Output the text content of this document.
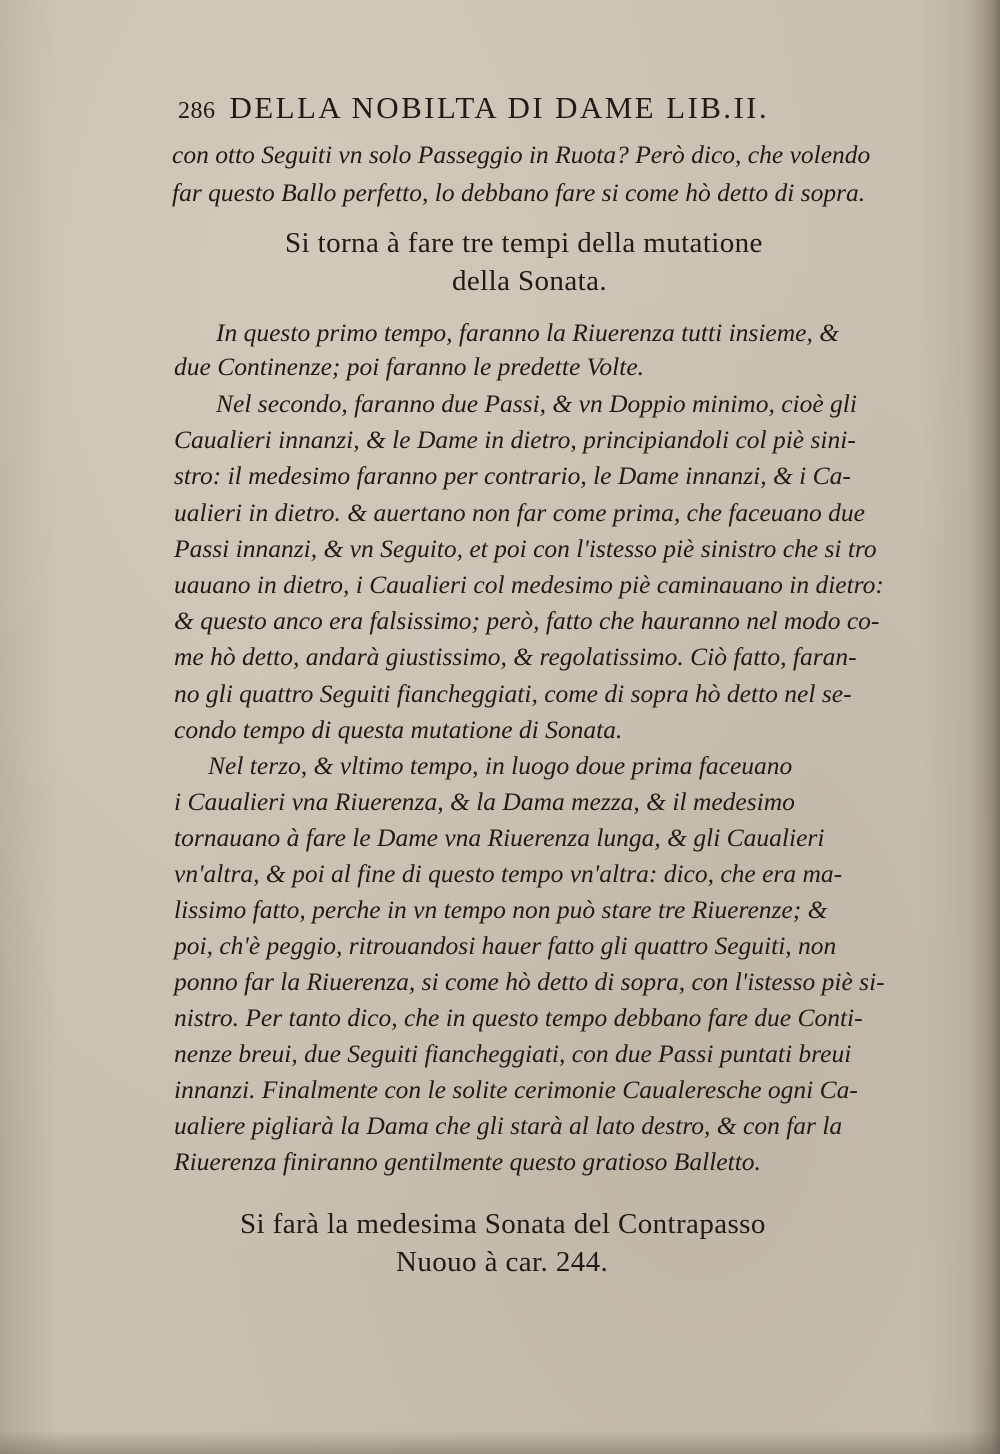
286 DELLA NOBILTA DI DAME LIB.II.
con otto Seguiti vn solo Passeggio in Ruota? Però dico, che volendo
far questo Ballo perfetto, lo debbano fare si come hò detto di sopra.
Si torna à fare tre tempi della mutatione
della Sonata.
In questo primo tempo, faranno la Riuerenza tutti insieme, &
due Continenze; poi faranno le predette Volte.
Nel secondo, faranno due Passi, & vn Doppio minimo, cioè gli
Caualieri innanzi, & le Dame in dietro, principiandoli col piè sini-
stro: il medesimo faranno per contrario, le Dame innanzi, & i Ca-
ualieri in dietro. & auertano non far come prima, che faceuano due
Passi innanzi, & vn Seguito, et poi con l'istesso piè sinistro che si tro
uauano in dietro, i Caualieri col medesimo piè caminauano in dietro:
& questo anco era falsissimo; però, fatto che hauranno nel modo co-
me hò detto, andarà giustissimo, & regolatissimo. Ciò fatto, faran-
no gli quattro Seguiti fiancheggiati, come di sopra hò detto nel se-
condo tempo di questa mutatione di Sonata.
Nel terzo, & vltimo tempo, in luogo doue prima faceuano
i Caualieri vna Riuerenza, & la Dama mezza, & il medesimo
tornauano à fare le Dame vna Riuerenza lunga, & gli Caualieri
vn'altra, & poi al fine di questo tempo vn'altra: dico, che era ma-
lissimo fatto, perche in vn tempo non può stare tre Riuerenze; &
poi, ch'è peggio, ritrouandosi hauer fatto gli quattro Seguiti, non
ponno far la Riuerenza, si come hò detto di sopra, con l'istesso piè si-
nistro. Per tanto dico, che in questo tempo debbano fare due Conti-
nenze breui, due Seguiti fiancheggiati, con due Passi puntati breui
innanzi. Finalmente con le solite cerimonie Caualeresche ogni Ca-
ualiere pigliarà la Dama che gli starà al lato destro, & con far la
Riuerenza finiranno gentilmente questo gratioso Balletto.
Si farà la medesima Sonata del Contrapasso
Nuouo à car. 244.
